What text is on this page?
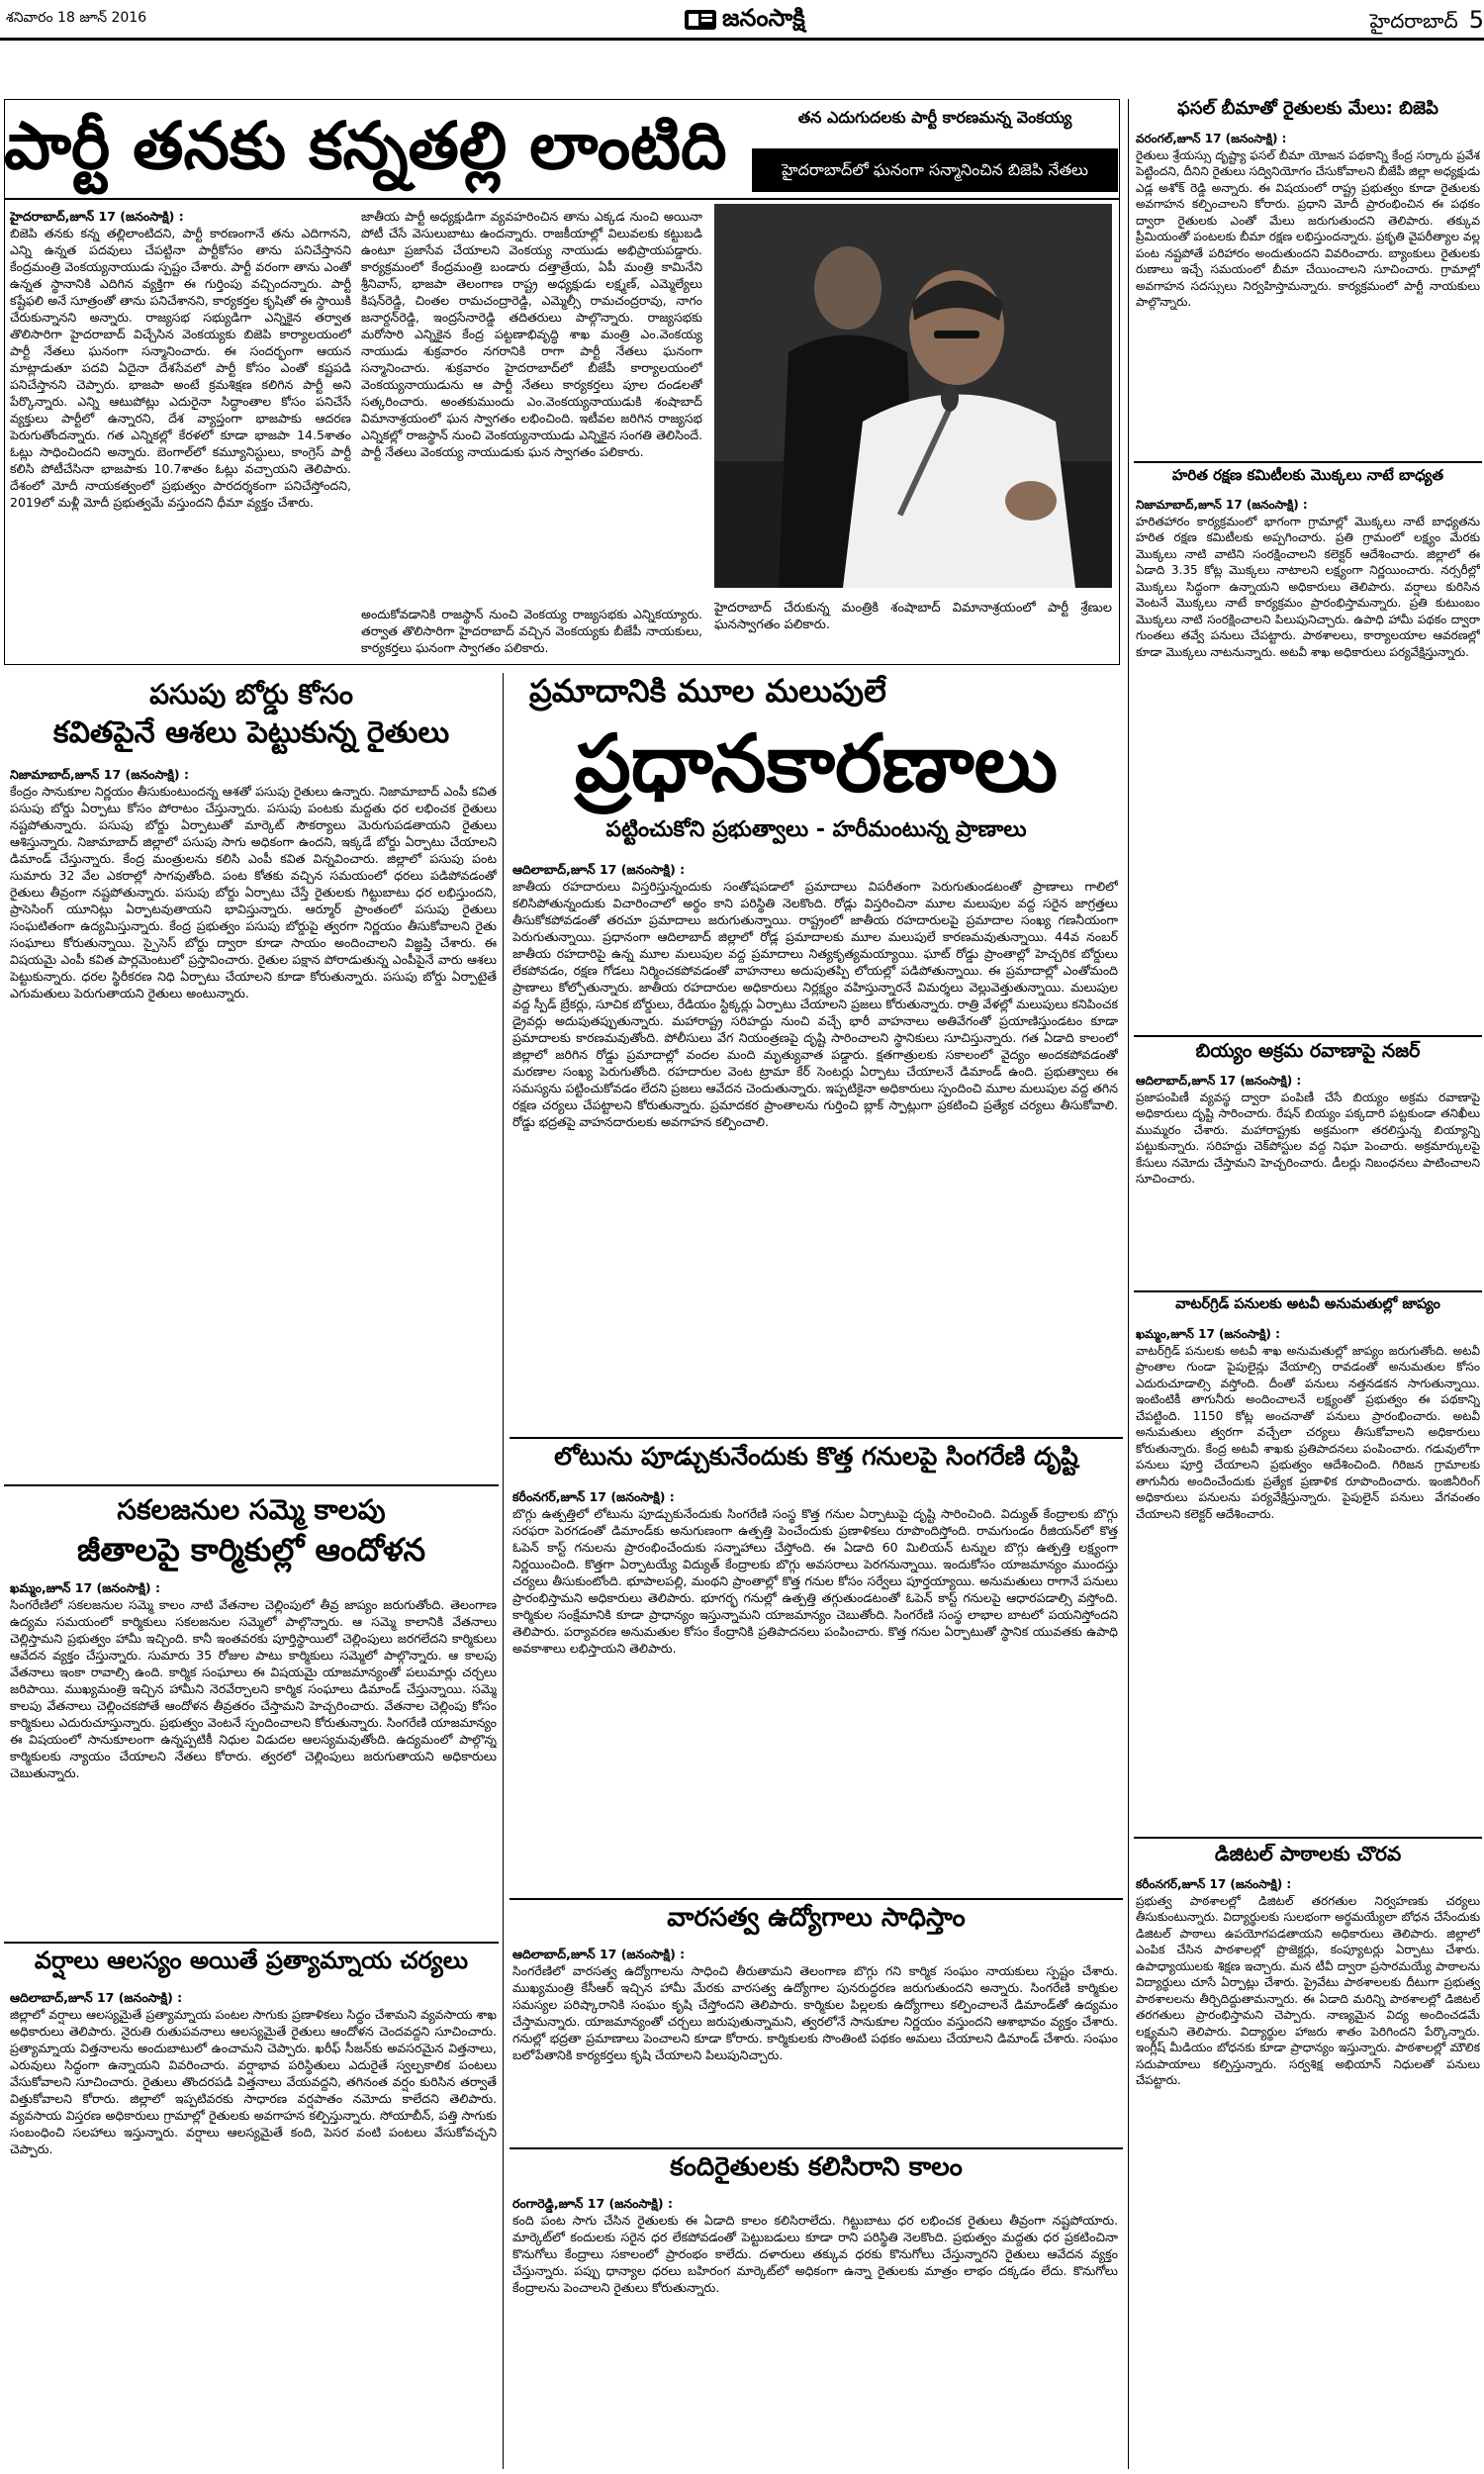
శనివారం 18 జూన్ 2016	జనంసాక్షి	హైదరాబాద్ 5
పార్టీ తనకు కన్నతల్లి లాంటిది	తన ఎదుగుదలకు పార్టీ కారణమన్న వెంకయ్య
హైదరాబాద్‌లో ఘనంగా సన్మానించిన బిజెపి నేతలు
హైదరాబాద్,జూన్ 17 (జనంసాక్షి) :
బిజెపి తనకు కన్న తల్లిలాంటిదని, పార్టీ కారణంగానే తను ఎదిగానని, ఎన్ని ఉన్నత పదవులు చేపట్టినా పార్టీకోసం తాను పనిచేస్తానని కేంద్రమంత్రి వెంకయ్యనాయుడు స్పష్టం చేశారు. పార్టీ వరంగా తాను ఎంతో ఉన్నత స్థానానికి ఎదిగిన వ్యక్తిగా ఈ గుర్తింపు వచ్చిందన్నారు. పార్టీ కష్టేఫలి అనే సూత్రంతో తాను పనిచేశానని, కార్యకర్తల కృషితో ఈ స్థాయికి చేరుకున్నానని అన్నారు. రాజ్యసభ సభ్యుడిగా ఎన్నికైన తర్వాత తొలిసారిగా హైదరాబాద్ విచ్చేసిన వెంకయ్యకు బిజెపి కార్యాలయంలో పార్టీ నేతలు ఘనంగా సన్మానించారు. ఈ సందర్భంగా ఆయన మాట్లాడుతూ పదవి ఏదైనా దేశసేవలో పార్టీ కోసం ఎంతో కష్టపడి పనిచేస్తానని చెప్పారు. భాజపా అంటే క్రమశిక్షణ కలిగిన పార్టీ అని పేర్కొన్నారు. ఎన్ని ఆటుపోట్లు ఎదురైనా సిద్ధాంతాల కోసం పనిచేసే వ్యక్తులు పార్టీలో ఉన్నారని, దేశ వ్యాప్తంగా భాజపాకు ఆదరణ పెరుగుతోందన్నారు. గత ఎన్నికల్లో కేరళలో కూడా భాజపా 14.5శాతం ఓట్లు సాధించిందని అన్నారు. బెంగాల్‌లో కమ్యూనిస్టులు, కాంగ్రెస్ పార్టీ కలిసి పోటీచేసినా భాజపాకు 10.7శాతం ఓట్లు వచ్చాయని తెలిపారు. దేశంలో మోదీ నాయకత్వంలో ప్రభుత్వం పారదర్శకంగా పనిచేస్తోందని, 2019లో మళ్లీ మోదీ ప్రభుత్వమే వస్తుందని ధీమా వ్యక్తం చేశారు.
జాతీయ పార్టీ అధ్యక్షుడిగా వ్యవహరించిన తాను ఎక్కడ నుంచి అయినా పోటీ చేసే వెసులుబాటు ఉందన్నారు. రాజకీయాల్లో విలువలకు కట్టుబడి ఉంటూ ప్రజాసేవ చేయాలని వెంకయ్య నాయుడు అభిప్రాయపడ్డారు. కార్యక్రమంలో కేంద్రమంత్రి బండారు దత్తాత్రేయ, ఏపీ మంత్రి కామినేని శ్రీనివాస్, భాజపా తెలంగాణ రాష్ట్ర అధ్యక్షుడు లక్ష్మణ్, ఎమ్మెల్యేలు కిషన్‌రెడ్డి, చింతల రామచంద్రారెడ్డి, ఎమ్మెల్సీ రామచంద్రరావు, నాగం జనార్దన్‌రెడ్డి, ఇంద్రసేనారెడ్డి తదితరులు పాల్గొన్నారు. రాజ్యసభకు మరోసారి ఎన్నికైన కేంద్ర పట్టణాభివృద్ధి శాఖ మంత్రి ఎం.వెంకయ్య నాయుడు శుక్రవారం నగరానికి రాగా పార్టీ నేతలు ఘనంగా సన్మానించారు. శుక్రవారం హైదరాబాద్‌లో బీజేపీ కార్యాలయంలో వెంకయ్యనాయుడును ఆ పార్టీ నేతలు కార్యకర్తలు పూల దండలతో సత్కరించారు. అంతకుముందు ఎం.వెంకయ్యనాయుడుకి శంషాబాద్ విమానాశ్రయంలో ఘన స్వాగతం లభించింది. ఇటీవల జరిగిన రాజ్యసభ ఎన్నికల్లో రాజస్థాన్ నుంచి వెంకయ్యనాయుడు ఎన్నికైన సంగతి తెలిసిందే. పార్టీ నేతలు వెంకయ్య నాయుడుకు ఘన స్వాగతం పలికారు.
అందుకోవడానికి రాజస్థాన్ నుంచి వెంకయ్య రాజ్యసభకు ఎన్నికయ్యారు. తర్వాత తొలిసారిగా హైదరాబాద్ వచ్చిన వెంకయ్యకు బీజేపీ నాయకులు, కార్యకర్తలు ఘనంగా స్వాగతం పలికారు.
హైదరాబాద్ చేరుకున్న మంత్రికి శంషాబాద్ విమానాశ్రయంలో పార్టీ శ్రేణుల ఘనస్వాగతం పలికారు.
పసుపు బోర్డు కోసం
కవితపైనే ఆశలు పెట్టుకున్న రైతులు
నిజామాబాద్,జూన్ 17 (జనంసాక్షి) :
కేంద్రం సానుకూల నిర్ణయం తీసుకుంటుందన్న ఆశతో పసుపు రైతులు ఉన్నారు. నిజామాబాద్ ఎంపీ కవిత పసుపు బోర్డు ఏర్పాటు కోసం పోరాటం చేస్తున్నారు. పసుపు పంటకు మద్దతు ధర లభించక రైతులు నష్టపోతున్నారు. పసుపు బోర్డు ఏర్పాటుతో మార్కెట్ సౌకర్యాలు మెరుగుపడతాయని రైతులు ఆశిస్తున్నారు. నిజామాబాద్ జిల్లాలో పసుపు సాగు అధికంగా ఉందని, ఇక్కడే బోర్డు ఏర్పాటు చేయాలని డిమాండ్ చేస్తున్నారు. కేంద్ర మంత్రులను కలిసి ఎంపీ కవిత విన్నవించారు. జిల్లాలో పసుపు పంట సుమారు 32 వేల ఎకరాల్లో సాగవుతోంది. పంట కోతకు వచ్చిన సమయంలో ధరలు పడిపోవడంతో రైతులు తీవ్రంగా నష్టపోతున్నారు. పసుపు బోర్డు ఏర్పాటు చేస్తే రైతులకు గిట్టుబాటు ధర లభిస్తుందని, ప్రాసెసింగ్ యూనిట్లు ఏర్పాటవుతాయని భావిస్తున్నారు. ఆర్మూర్ ప్రాంతంలో పసుపు రైతులు సంఘటితంగా ఉద్యమిస్తున్నారు. కేంద్ర ప్రభుత్వం పసుపు బోర్డుపై త్వరగా నిర్ణయం తీసుకోవాలని రైతు సంఘాలు కోరుతున్నాయి. స్పైసెస్ బోర్డు ద్వారా కూడా సాయం అందించాలని విజ్ఞప్తి చేశారు. ఈ విషయమై ఎంపీ కవిత పార్లమెంటులో ప్రస్తావించారు. రైతుల పక్షాన పోరాడుతున్న ఎంపీపైనే వారు ఆశలు పెట్టుకున్నారు. ధరల స్థిరీకరణ నిధి ఏర్పాటు చేయాలని కూడా కోరుతున్నారు. పసుపు బోర్డు ఏర్పాటైతే ఎగుమతులు పెరుగుతాయని రైతులు అంటున్నారు.
సకలజనుల సమ్మె కాలపు
జీతాలపై కార్మికుల్లో ఆందోళన
ఖమ్మం,జూన్ 17 (జనంసాక్షి) :
సింగరేణిలో సకలజనుల సమ్మె కాలం నాటి వేతనాల చెల్లింపులో తీవ్ర జాప్యం జరుగుతోంది. తెలంగాణ ఉద్యమ సమయంలో కార్మికులు సకలజనుల సమ్మెలో పాల్గొన్నారు. ఆ సమ్మె కాలానికి వేతనాలు చెల్లిస్తామని ప్రభుత్వం హామీ ఇచ్చింది. కానీ ఇంతవరకు పూర్తిస్థాయిలో చెల్లింపులు జరగలేదని కార్మికులు ఆవేదన వ్యక్తం చేస్తున్నారు. సుమారు 35 రోజుల పాటు కార్మికులు సమ్మెలో పాల్గొన్నారు. ఆ కాలపు వేతనాలు ఇంకా రావాల్సి ఉంది. కార్మిక సంఘాలు ఈ విషయమై యాజమాన్యంతో పలుమార్లు చర్చలు జరిపాయి. ముఖ్యమంత్రి ఇచ్చిన హామీని నెరవేర్చాలని కార్మిక సంఘాలు డిమాండ్ చేస్తున్నాయి. సమ్మె కాలపు వేతనాలు చెల్లించకపోతే ఆందోళన తీవ్రతరం చేస్తామని హెచ్చరించారు. వేతనాల చెల్లింపు కోసం కార్మికులు ఎదురుచూస్తున్నారు. ప్రభుత్వం వెంటనే స్పందించాలని కోరుతున్నారు. సింగరేణి యాజమాన్యం ఈ విషయంలో సానుకూలంగా ఉన్నప్పటికీ నిధుల విడుదల ఆలస్యమవుతోంది. ఉద్యమంలో పాల్గొన్న కార్మికులకు న్యాయం చేయాలని నేతలు కోరారు. త్వరలో చెల్లింపులు జరుగుతాయని అధికారులు చెబుతున్నారు.
వర్షాలు ఆలస్యం అయితే ప్రత్యామ్నాయ చర్యలు
ఆదిలాబాద్,జూన్ 17 (జనంసాక్షి) :
జిల్లాలో వర్షాలు ఆలస్యమైతే ప్రత్యామ్నాయ పంటల సాగుకు ప్రణాళికలు సిద్ధం చేశామని వ్యవసాయ శాఖ అధికారులు తెలిపారు. నైరుతి రుతుపవనాలు ఆలస్యమైతే రైతులు ఆందోళన చెందవద్దని సూచించారు. ప్రత్యామ్నాయ విత్తనాలను అందుబాటులో ఉంచామని చెప్పారు. ఖరీఫ్ సీజన్‌కు అవసరమైన విత్తనాలు, ఎరువులు సిద్ధంగా ఉన్నాయని వివరించారు. వర్షాభావ పరిస్థితులు ఎదురైతే స్వల్పకాలిక పంటలు వేసుకోవాలని సూచించారు. రైతులు తొందరపడి విత్తనాలు వేయవద్దని, తగినంత వర్షం కురిసిన తర్వాతే విత్తుకోవాలని కోరారు. జిల్లాలో ఇప్పటివరకు సాధారణ వర్షపాతం నమోదు కాలేదని తెలిపారు. వ్యవసాయ విస్తరణ అధికారులు గ్రామాల్లో రైతులకు అవగాహన కల్పిస్తున్నారు. సోయాబీన్, పత్తి సాగుకు సంబంధించి సలహాలు ఇస్తున్నారు. వర్షాలు ఆలస్యమైతే కంది, పెసర వంటి పంటలు వేసుకోవచ్చని చెప్పారు.
ప్రమాదానికి మూల మలుపులే
ప్రధానకారణాలు
పట్టించుకోని ప్రభుత్వాలు - హరీమంటున్న ప్రాణాలు
ఆదిలాబాద్,జూన్ 17 (జనంసాక్షి) :
జాతీయ రహదారులు విస్తరిస్తున్నందుకు సంతోషపడాలో ప్రమాదాలు విపరీతంగా పెరుగుతుండటంతో ప్రాణాలు గాలిలో కలిసిపోతున్నందుకు విచారించాలో అర్థం కాని పరిస్థితి నెలకొంది. రోడ్లు విస్తరించినా మూల మలుపుల వద్ద సరైన జాగ్రత్తలు తీసుకోకపోవడంతో తరచూ ప్రమాదాలు జరుగుతున్నాయి. రాష్ట్రంలో జాతీయ రహదారులపై ప్రమాదాల సంఖ్య గణనీయంగా పెరుగుతున్నాయి. ప్రధానంగా ఆదిలాబాద్ జిల్లాలో రోడ్ల ప్రమాదాలకు మూల మలుపులే కారణమవుతున్నాయి. 44వ నంబర్ జాతీయ రహదారిపై ఉన్న మూల మలుపుల వద్ద ప్రమాదాలు నిత్యకృత్యమయ్యాయి. ఘాట్ రోడ్డు ప్రాంతాల్లో హెచ్చరిక బోర్డులు లేకపోవడం, రక్షణ గోడలు నిర్మించకపోవడంతో వాహనాలు అదుపుతప్పి లోయల్లో పడిపోతున్నాయి. ఈ ప్రమాదాల్లో ఎంతోమంది ప్రాణాలు కోల్పోతున్నారు. జాతీయ రహదారుల అధికారులు నిర్లక్ష్యం వహిస్తున్నారనే విమర్శలు వెల్లువెత్తుతున్నాయి. మలుపుల వద్ద స్పీడ్ బ్రేకర్లు, సూచిక బోర్డులు, రేడియం స్టిక్కర్లు ఏర్పాటు చేయాలని ప్రజలు కోరుతున్నారు. రాత్రి వేళల్లో మలుపులు కనిపించక డ్రైవర్లు అదుపుతప్పుతున్నారు. మహారాష్ట్ర సరిహద్దు నుంచి వచ్చే భారీ వాహనాలు అతివేగంతో ప్రయాణిస్తుండటం కూడా ప్రమాదాలకు కారణమవుతోంది. పోలీసులు వేగ నియంత్రణపై దృష్టి సారించాలని స్థానికులు సూచిస్తున్నారు. గత ఏడాది కాలంలో జిల్లాలో జరిగిన రోడ్డు ప్రమాదాల్లో వందల మంది మృత్యువాత పడ్డారు. క్షతగాత్రులకు సకాలంలో వైద్యం అందకపోవడంతో మరణాల సంఖ్య పెరుగుతోంది. రహదారుల వెంట ట్రామా కేర్ సెంటర్లు ఏర్పాటు చేయాలనే డిమాండ్ ఉంది. ప్రభుత్వాలు ఈ సమస్యను పట్టించుకోవడం లేదని ప్రజలు ఆవేదన చెందుతున్నారు. ఇప్పటికైనా అధికారులు స్పందించి మూల మలుపుల వద్ద తగిన రక్షణ చర్యలు చేపట్టాలని కోరుతున్నారు. ప్రమాదకర ప్రాంతాలను గుర్తించి బ్లాక్ స్పాట్లుగా ప్రకటించి ప్రత్యేక చర్యలు తీసుకోవాలి. రోడ్డు భద్రతపై వాహనదారులకు అవగాహన కల్పించాలి.
లోటును పూడ్చుకునేందుకు కొత్త గనులపై సింగరేణి దృష్టి
కరీంనగర్,జూన్ 17 (జనంసాక్షి) :
బొగ్గు ఉత్పత్తిలో లోటును పూడ్చుకునేందుకు సింగరేణి సంస్థ కొత్త గనుల ఏర్పాటుపై దృష్టి సారించింది. విద్యుత్ కేంద్రాలకు బొగ్గు సరఫరా పెరగడంతో డిమాండ్‌కు అనుగుణంగా ఉత్పత్తి పెంచేందుకు ప్రణాళికలు రూపొందిస్తోంది. రామగుండం రీజియన్‌లో కొత్త ఓపెన్ కాస్ట్ గనులను ప్రారంభించేందుకు సన్నాహాలు చేస్తోంది. ఈ ఏడాది 60 మిలియన్ టన్నుల బొగ్గు ఉత్పత్తి లక్ష్యంగా నిర్ణయించింది. కొత్తగా ఏర్పాటయ్యే విద్యుత్ కేంద్రాలకు బొగ్గు అవసరాలు పెరగనున్నాయి. ఇందుకోసం యాజమాన్యం ముందస్తు చర్యలు తీసుకుంటోంది. భూపాలపల్లి, మంథని ప్రాంతాల్లో కొత్త గనుల కోసం సర్వేలు పూర్తయ్యాయి. అనుమతులు రాగానే పనులు ప్రారంభిస్తామని అధికారులు తెలిపారు. భూగర్భ గనుల్లో ఉత్పత్తి తగ్గుతుండటంతో ఓపెన్ కాస్ట్ గనులపై ఆధారపడాల్సి వస్తోంది. కార్మికుల సంక్షేమానికి కూడా ప్రాధాన్యం ఇస్తున్నామని యాజమాన్యం చెబుతోంది. సింగరేణి సంస్థ లాభాల బాటలో పయనిస్తోందని తెలిపారు. పర్యావరణ అనుమతుల కోసం కేంద్రానికి ప్రతిపాదనలు పంపించారు. కొత్త గనుల ఏర్పాటుతో స్థానిక యువతకు ఉపాధి అవకాశాలు లభిస్తాయని తెలిపారు.
వారసత్వ ఉద్యోగాలు సాధిస్తాం
ఆదిలాబాద్,జూన్ 17 (జనంసాక్షి) :
సింగరేణిలో వారసత్వ ఉద్యోగాలను సాధించి తీరుతామని తెలంగాణ బొగ్గు గని కార్మిక సంఘం నాయకులు స్పష్టం చేశారు. ముఖ్యమంత్రి కేసీఆర్ ఇచ్చిన హామీ మేరకు వారసత్వ ఉద్యోగాల పునరుద్ధరణ జరుగుతుందని అన్నారు. సింగరేణి కార్మికుల సమస్యల పరిష్కారానికి సంఘం కృషి చేస్తోందని తెలిపారు. కార్మికుల పిల్లలకు ఉద్యోగాలు కల్పించాలనే డిమాండ్‌తో ఉద్యమం చేస్తామన్నారు. యాజమాన్యంతో చర్చలు జరుపుతున్నామని, త్వరలోనే సానుకూల నిర్ణయం వస్తుందని ఆశాభావం వ్యక్తం చేశారు. గనుల్లో భద్రతా ప్రమాణాలు పెంచాలని కూడా కోరారు. కార్మికులకు సొంతింటి పథకం అమలు చేయాలని డిమాండ్ చేశారు. సంఘం బలోపేతానికి కార్యకర్తలు కృషి చేయాలని పిలుపునిచ్చారు.
కందిరైతులకు కలిసిరాని కాలం
రంగారెడ్డి,జూన్ 17 (జనంసాక్షి) :
కంది పంట సాగు చేసిన రైతులకు ఈ ఏడాది కాలం కలిసిరాలేదు. గిట్టుబాటు ధర లభించక రైతులు తీవ్రంగా నష్టపోయారు. మార్కెట్‌లో కందులకు సరైన ధర లేకపోవడంతో పెట్టుబడులు కూడా రాని పరిస్థితి నెలకొంది. ప్రభుత్వం మద్దతు ధర ప్రకటించినా కొనుగోలు కేంద్రాలు సకాలంలో ప్రారంభం కాలేదు. దళారులు తక్కువ ధరకు కొనుగోలు చేస్తున్నారని రైతులు ఆవేదన వ్యక్తం చేస్తున్నారు. పప్పు ధాన్యాల ధరలు బహిరంగ మార్కెట్‌లో అధికంగా ఉన్నా రైతులకు మాత్రం లాభం దక్కడం లేదు. కొనుగోలు కేంద్రాలను పెంచాలని రైతులు కోరుతున్నారు.
ఫసల్ బీమాతో రైతులకు మేలు: బిజెపి
వరంగల్,జూన్ 17 (జనంసాక్షి) :
రైతులు శ్రేయస్సు దృష్ట్యా ఫసల్ బీమా యోజన పథకాన్ని కేంద్ర సర్కారు ప్రవేశ పెట్టిందని, దీనిని రైతులు సద్వినియోగం చేసుకోవాలని బీజేపీ జిల్లా అధ్యక్షుడు ఎడ్ల అశోక్ రెడ్డి అన్నారు. ఈ విషయంలో రాష్ట్ర ప్రభుత్వం కూడా రైతులకు అవగాహన కల్పించాలని కోరారు. ప్రధాని మోదీ ప్రారంభించిన ఈ పథకం ద్వారా రైతులకు ఎంతో మేలు జరుగుతుందని తెలిపారు. తక్కువ ప్రీమియంతో పంటలకు బీమా రక్షణ లభిస్తుందన్నారు. ప్రకృతి వైపరీత్యాల వల్ల పంట నష్టపోతే పరిహారం అందుతుందని వివరించారు. బ్యాంకులు రైతులకు రుణాలు ఇచ్చే సమయంలో బీమా చేయించాలని సూచించారు. గ్రామాల్లో అవగాహన సదస్సులు నిర్వహిస్తామన్నారు. కార్యక్రమంలో పార్టీ నాయకులు పాల్గొన్నారు.
హరిత రక్షణ కమిటీలకు మొక్కలు నాటే బాధ్యత
నిజామాబాద్,జూన్ 17 (జనంసాక్షి) :
హరితహారం కార్యక్రమంలో భాగంగా గ్రామాల్లో మొక్కలు నాటే బాధ్యతను హరిత రక్షణ కమిటీలకు అప్పగించారు. ప్రతి గ్రామంలో లక్ష్యం మేరకు మొక్కలు నాటి వాటిని సంరక్షించాలని కలెక్టర్ ఆదేశించారు. జిల్లాలో ఈ ఏడాది 3.35 కోట్ల మొక్కలు నాటాలని లక్ష్యంగా నిర్ణయించారు. నర్సరీల్లో మొక్కలు సిద్ధంగా ఉన్నాయని అధికారులు తెలిపారు. వర్షాలు కురిసిన వెంటనే మొక్కలు నాటే కార్యక్రమం ప్రారంభిస్తామన్నారు. ప్రతి కుటుంబం మొక్కలు నాటి సంరక్షించాలని పిలుపునిచ్చారు. ఉపాధి హామీ పథకం ద్వారా గుంతలు తవ్వే పనులు చేపట్టారు. పాఠశాలలు, కార్యాలయాల ఆవరణల్లో కూడా మొక్కలు నాటనున్నారు. అటవీ శాఖ అధికారులు పర్యవేక్షిస్తున్నారు.
బియ్యం అక్రమ రవాణాపై నజర్
ఆదిలాబాద్,జూన్ 17 (జనంసాక్షి) :
ప్రజాపంపిణీ వ్యవస్థ ద్వారా పంపిణీ చేసే బియ్యం అక్రమ రవాణాపై అధికారులు దృష్టి సారించారు. రేషన్ బియ్యం పక్కదారి పట్టకుండా తనిఖీలు ముమ్మరం చేశారు. మహారాష్ట్రకు అక్రమంగా తరలిస్తున్న బియ్యాన్ని పట్టుకున్నారు. సరిహద్దు చెక్‌పోస్టుల వద్ద నిఘా పెంచారు. అక్రమార్కులపై కేసులు నమోదు చేస్తామని హెచ్చరించారు. డీలర్లు నిబంధనలు పాటించాలని సూచించారు.
వాటర్‌గ్రిడ్ పనులకు అటవీ అనుమతుల్లో జాప్యం
ఖమ్మం,జూన్ 17 (జనంసాక్షి) :
వాటర్‌గ్రిడ్ పనులకు అటవీ శాఖ అనుమతుల్లో జాప్యం జరుగుతోంది. అటవీ ప్రాంతాల గుండా పైపులైన్లు వేయాల్సి రావడంతో అనుమతుల కోసం ఎదురుచూడాల్సి వస్తోంది. దీంతో పనులు నత్తనడకన సాగుతున్నాయి. ఇంటింటికీ తాగునీరు అందించాలనే లక్ష్యంతో ప్రభుత్వం ఈ పథకాన్ని చేపట్టింది. 1150 కోట్ల అంచనాతో పనులు ప్రారంభించారు. అటవీ అనుమతులు త్వరగా వచ్చేలా చర్యలు తీసుకోవాలని అధికారులు కోరుతున్నారు. కేంద్ర అటవీ శాఖకు ప్రతిపాదనలు పంపించారు. గడువులోగా పనులు పూర్తి చేయాలని ప్రభుత్వం ఆదేశించింది. గిరిజన గ్రామాలకు తాగునీరు అందించేందుకు ప్రత్యేక ప్రణాళిక రూపొందించారు. ఇంజినీరింగ్ అధికారులు పనులను పర్యవేక్షిస్తున్నారు. పైపులైన్ పనులు వేగవంతం చేయాలని కలెక్టర్ ఆదేశించారు.
డిజిటల్ పాఠాలకు చొరవ
కరీంనగర్,జూన్ 17 (జనంసాక్షి) :
ప్రభుత్వ పాఠశాలల్లో డిజిటల్ తరగతుల నిర్వహణకు చర్యలు తీసుకుంటున్నారు. విద్యార్థులకు సులభంగా అర్థమయ్యేలా బోధన చేసేందుకు డిజిటల్ పాఠాలు ఉపయోగపడతాయని అధికారులు తెలిపారు. జిల్లాలో ఎంపిక చేసిన పాఠశాలల్లో ప్రొజెక్టర్లు, కంప్యూటర్లు ఏర్పాటు చేశారు. ఉపాధ్యాయులకు శిక్షణ ఇచ్చారు. మన టీవీ ద్వారా ప్రసారమయ్యే పాఠాలను విద్యార్థులు చూసే ఏర్పాట్లు చేశారు. ప్రైవేటు పాఠశాలలకు దీటుగా ప్రభుత్వ పాఠశాలలను తీర్చిదిద్దుతామన్నారు. ఈ ఏడాది మరిన్ని పాఠశాలల్లో డిజిటల్ తరగతులు ప్రారంభిస్తామని చెప్పారు. నాణ్యమైన విద్య అందించడమే లక్ష్యమని తెలిపారు. విద్యార్థుల హాజరు శాతం పెరిగిందని పేర్కొన్నారు. ఇంగ్లీష్ మీడియం బోధనకు కూడా ప్రాధాన్యం ఇస్తున్నారు. పాఠశాలల్లో మౌలిక సదుపాయాలు కల్పిస్తున్నారు. సర్వశిక్ష అభియాన్ నిధులతో పనులు చేపట్టారు.
